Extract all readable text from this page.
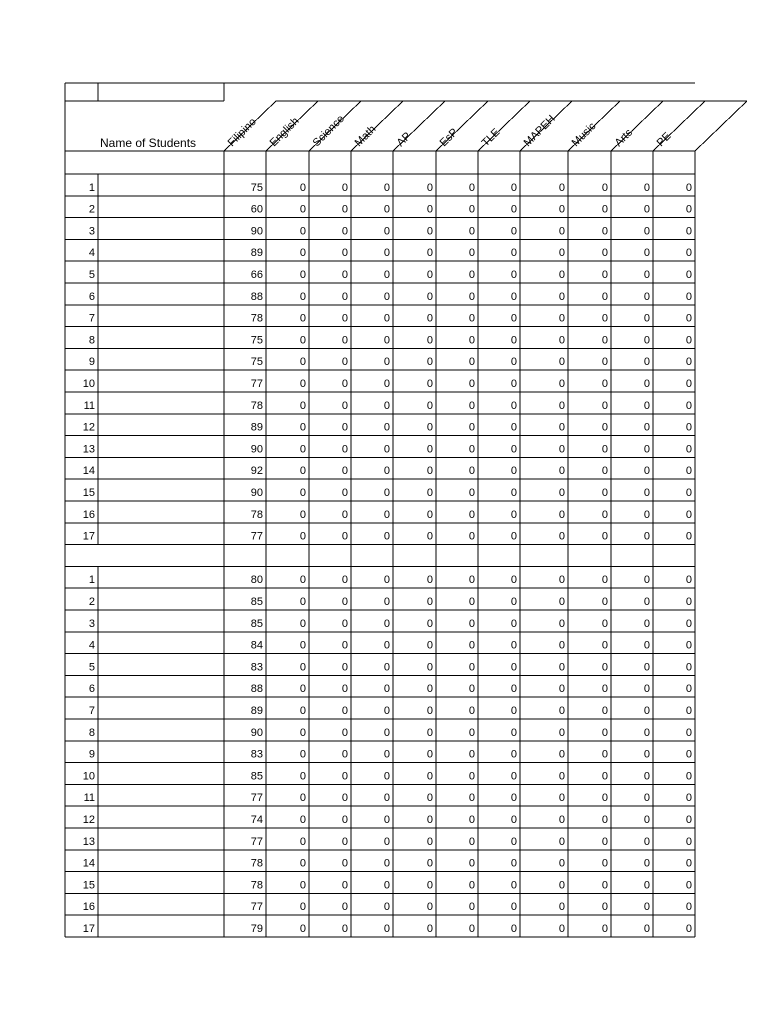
Name of Students	Filipino English Science Math AP EsP TLE MAPEH Music Arts PE
1	75	0	0	0	0	0	0	0	0	0	0
2	60	0	0	0	0	0	0	0	0	0	0
3	90	0	0	0	0	0	0	0	0	0	0
4	89	0	0	0	0	0	0	0	0	0	0
5	66	0	0	0	0	0	0	0	0	0	0
6	88	0	0	0	0	0	0	0	0	0	0
7	78	0	0	0	0	0	0	0	0	0	0
8	75	0	0	0	0	0	0	0	0	0	0
9	75	0	0	0	0	0	0	0	0	0	0
10	77	0	0	0	0	0	0	0	0	0	0
11	78	0	0	0	0	0	0	0	0	0	0
12	89	0	0	0	0	0	0	0	0	0	0
13	90	0	0	0	0	0	0	0	0	0	0
14	92	0	0	0	0	0	0	0	0	0	0
15	90	0	0	0	0	0	0	0	0	0	0
16	78	0	0	0	0	0	0	0	0	0	0
17	77	0	0	0	0	0	0	0	0	0	0
1	80	0	0	0	0	0	0	0	0	0	0
2	85	0	0	0	0	0	0	0	0	0	0
3	85	0	0	0	0	0	0	0	0	0	0
4	84	0	0	0	0	0	0	0	0	0	0
5	83	0	0	0	0	0	0	0	0	0	0
6	88	0	0	0	0	0	0	0	0	0	0
7	89	0	0	0	0	0	0	0	0	0	0
8	90	0	0	0	0	0	0	0	0	0	0
9	83	0	0	0	0	0	0	0	0	0	0
10	85	0	0	0	0	0	0	0	0	0	0
11	77	0	0	0	0	0	0	0	0	0	0
12	74	0	0	0	0	0	0	0	0	0	0
13	77	0	0	0	0	0	0	0	0	0	0
14	78	0	0	0	0	0	0	0	0	0	0
15	78	0	0	0	0	0	0	0	0	0	0
16	77	0	0	0	0	0	0	0	0	0	0
17	79	0	0	0	0	0	0	0	0	0	0
